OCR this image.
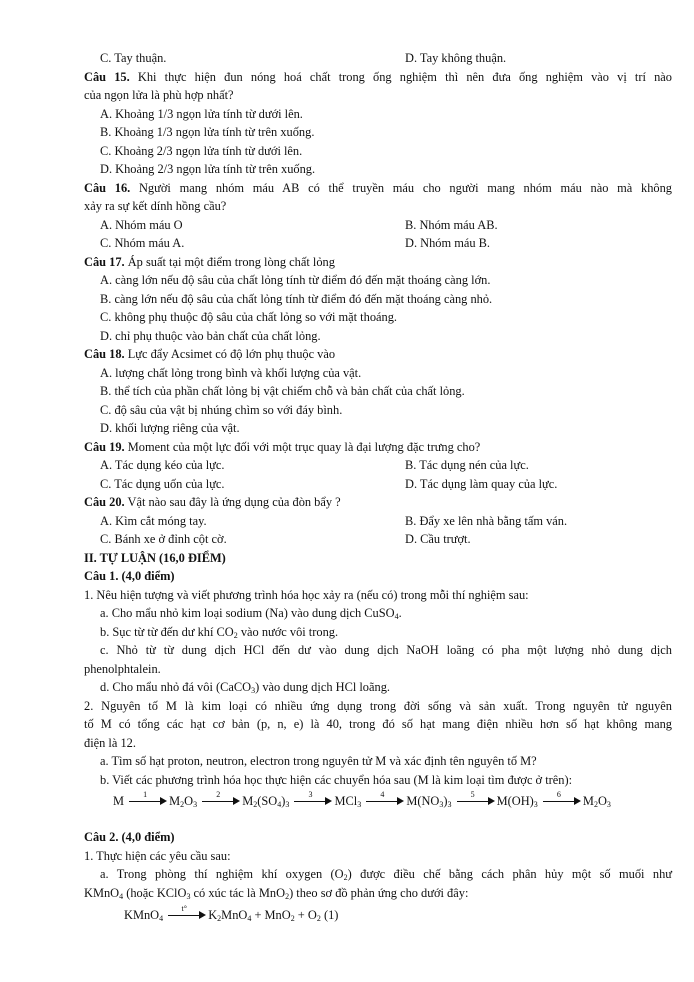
C. Tay thuận.	D. Tay không thuận.
Câu 15. Khi thực hiện đun nóng hoá chất trong ống nghiệm thì nên đưa ống nghiệm vào vị trí nào
của ngọn lửa là phù hợp nhất?
A. Khoảng 1/3 ngọn lửa tính từ dưới lên.
B. Khoảng 1/3 ngọn lửa tính từ trên xuống.
C. Khoảng 2/3 ngọn lửa tính từ dưới lên.
D. Khoảng 2/3 ngọn lửa tính từ trên xuống.
Câu 16. Người mang nhóm máu AB có thể truyền máu cho người mang nhóm máu nào mà không
xảy ra sự kết dính hồng cầu?
A. Nhóm máu O	B. Nhóm máu AB.
C. Nhóm máu A.	D. Nhóm máu B.
Câu 17. Áp suất tại một điểm trong lòng chất lỏng
A. càng lớn nếu độ sâu của chất lỏng tính từ điểm đó đến mặt thoáng càng lớn.
B. càng lớn nếu độ sâu của chất lỏng tính từ điểm đó đến mặt thoáng càng nhỏ.
C. không phụ thuộc độ sâu của chất lỏng so với mặt thoáng.
D. chỉ phụ thuộc vào bản chất của chất lỏng.
Câu 18. Lực đẩy Acsimet có độ lớn phụ thuộc vào
A. lượng chất lỏng trong bình và khối lượng của vật.
B. thể tích của phần chất lỏng bị vật chiếm chỗ và bản chất của chất lỏng.
C. độ sâu của vật bị nhúng chìm so với đáy bình.
D. khối lượng riêng của vật.
Câu 19. Moment của một lực đối với một trục quay là đại lượng đặc trưng cho?
A. Tác dụng kéo của lực.	B. Tác dụng nén của lực.
C. Tác dụng uốn của lực.	D. Tác dụng làm quay của lực.
Câu 20. Vật nào sau đây là ứng dụng của đòn bẩy ?
A. Kìm cắt móng tay.	B. Đẩy xe lên nhà bằng tấm ván.
C. Bánh xe ở đỉnh cột cờ.	D. Cầu trượt.
II. TỰ LUẬN (16,0 ĐIỂM)
Câu 1. (4,0 điểm)
1. Nêu hiện tượng và viết phương trình hóa học xảy ra (nếu có) trong mỗi thí nghiệm sau:
a. Cho mẩu nhỏ kim loại sodium (Na) vào dung dịch CuSO$_4$.
b. Sục từ từ đến dư khí $CO_2$ vào nước vôi trong.
c. Nhỏ từ từ dung dịch HCl đến dư vào dung dịch NaOH loãng có pha một lượng nhỏ dung dịch
phenolphtalein.
d. Cho mẩu nhỏ đá vôi (CaCO$_3$) vào dung dịch HCl loãng.
2. Nguyên tố M là kim loại có nhiều ứng dụng trong đời sống và sản xuất. Trong nguyên tử nguyên
tố M có tổng các hạt cơ bản (p, n, e) là 40, trong đó số hạt mang điện nhiều hơn số hạt không mang
điện là 12.
a. Tìm số hạt proton, neutron, electron trong nguyên tử M và xác định tên nguyên tố M?
b. Viết các phương trình hóa học thực hiện các chuyển hóa sau (M là kim loại tìm được ở trên):
M	1	$M_2O_3$
2	$M_2(SO_4)_3$
3	MCl$_3$
4	$M(NO_3)_3$
5	$M(OH)_3$
6	$M_2O_3$
Câu 2. (4,0 điểm)
1. Thực hiện các yêu cầu sau:
a. Trong phòng thí nghiệm khí oxygen $(O_2)$ được điều chế bằng cách phân hủy một số muối như
KMnO$_4$ (hoặc KClO$_3$ có xúc tác là MnO$_2$) theo sơ đồ phản ứng cho dưới đây:
KMnO$_4$
t°	$K_2MnO_4 + MnO_2 + O_2$ (1)
